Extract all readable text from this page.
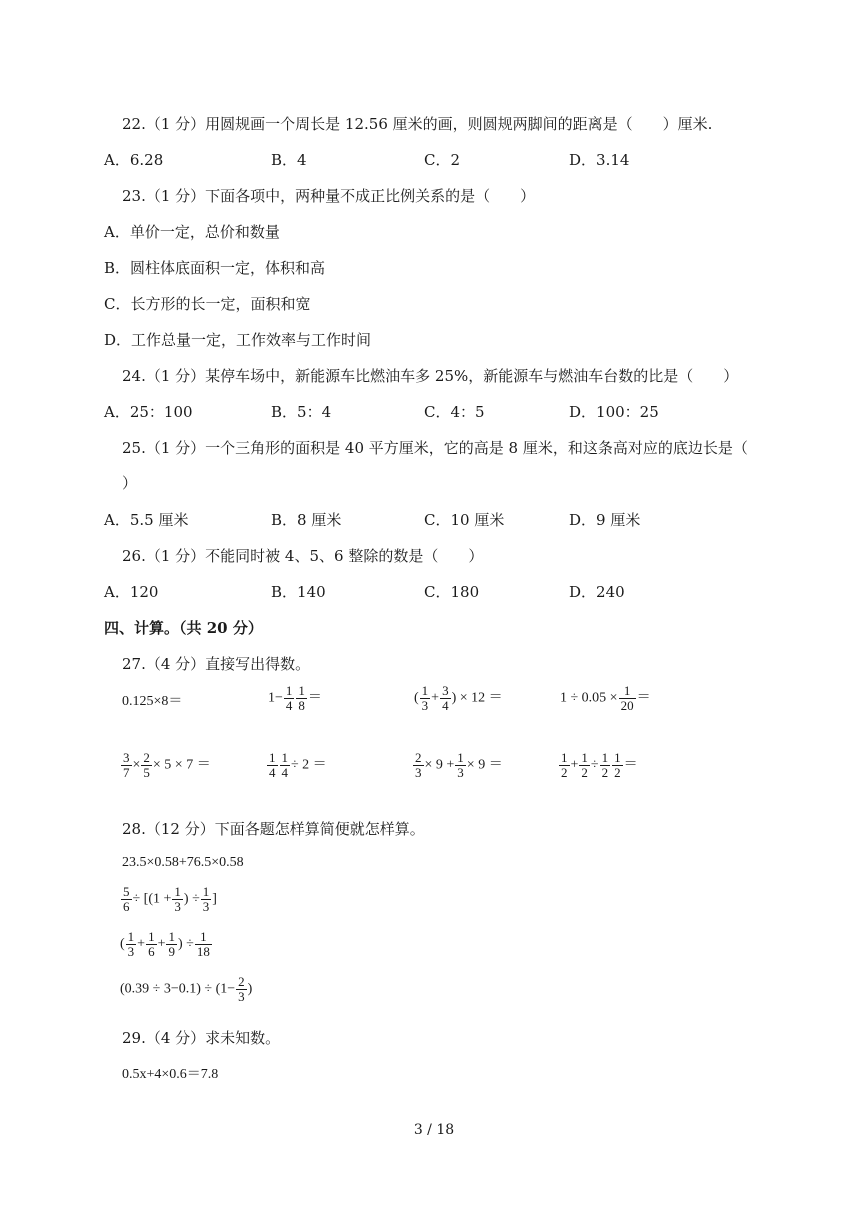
22.（1 分）用圆规画一个周长是 12.56 厘米的画，则圆规两脚间的距离是（　　）厘米.
A．6.28	B．4	C．2	D．3.14
23.（1 分）下面各项中，两种量不成正比例关系的是（　　）
A．单价一定，总价和数量
B．圆柱体底面积一定，体积和高
C．长方形的长一定，面积和宽
D．工作总量一定，工作效率与工作时间
24.（1 分）某停车场中，新能源车比燃油车多 25%，新能源车与燃油车台数的比是（　　）
A．25：100	B．5：4	C．4：5	D．100：25
25.（1 分）一个三角形的面积是 40 平方厘米，它的高是 8 厘米，和这条高对应的底边长是（
）
A．5.5 厘米	B．8 厘米	C．10 厘米	D．9 厘米
26.（1 分）不能同时被 4、5、6 整除的数是（　　）
A．120	B．140	C．180	D．240
四、计算。（共 20 分）
27.（4 分）直接写出得数。
0.125×8＝	$1- \frac{1}{4} \frac{1}{8}$ ＝	( $\frac{1}{3} + \frac{3}{4}$ ) × 12 ＝	$1 \div 0.05 \times \frac{1}{20}$ ＝
$\frac{3}{7} \times \frac{2}{5} \times 5 \times 7$ ＝	$\frac{1}{4} \frac{1}{4} \div 2$ ＝	$\frac{2}{3} \times 9 + \frac{1}{3} \times 9$ ＝	$\frac{1}{2} + \frac{1}{2} \div \frac{1}{2} \frac{1}{2}$ ＝
28.（12 分）下面各题怎样算简便就怎样算。
23.5×0.58+76.5×0.58
$\frac{5}{6} \div [(1 + \frac{1}{3}$ ) ÷ $\frac{1}{3}$ ]
( $\frac{1}{3} + \frac{1}{6} + \frac{1}{9}$ ) ÷ $\frac{1}{18}$
$(0.39 \div 3-0.1) \div (1- \frac{2}{3}$ )
29.（4 分）求未知数。
0.5x+4×0.6＝7.8
3 / 18
